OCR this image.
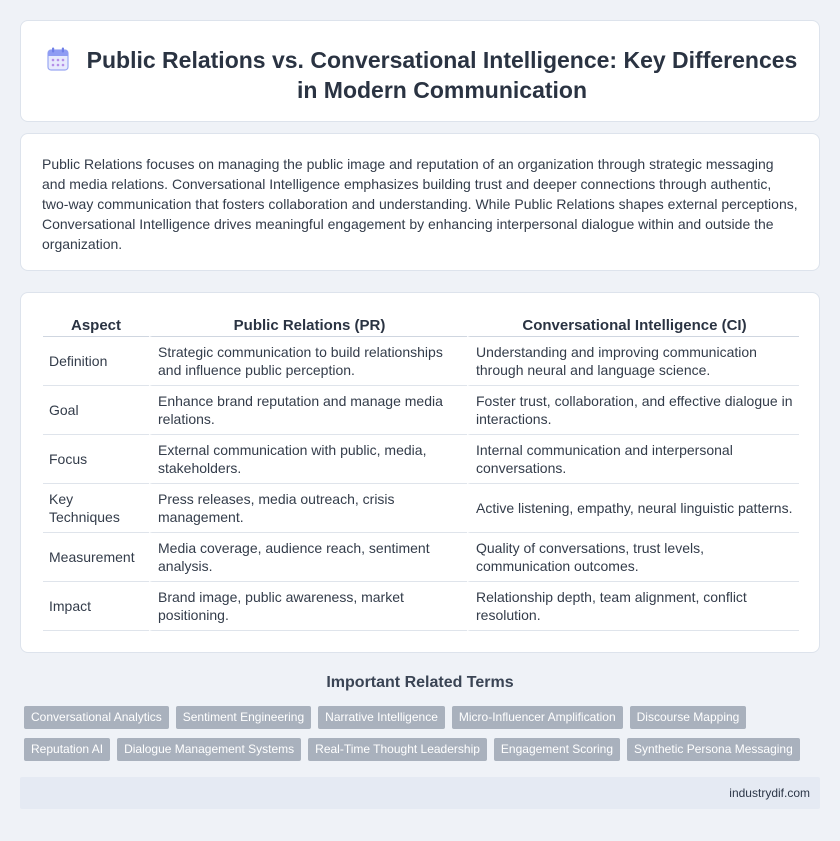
Public Relations vs. Conversational Intelligence: Key Differences in Modern Communication

Public Relations focuses on managing the public image and reputation of an organization through strategic messaging and media relations. Conversational Intelligence emphasizes building trust and deeper connections through authentic, two-way communication that fosters collaboration and understanding. While Public Relations shapes external perceptions, Conversational Intelligence drives meaningful engagement by enhancing interpersonal dialogue within and outside the organization.

Aspect	Public Relations (PR)	Conversational Intelligence (CI)
Definition	Strategic communication to build relationships and influence public perception.	Understanding and improving communication through neural and language science.
Goal	Enhance brand reputation and manage media relations.	Foster trust, collaboration, and effective dialogue in interactions.
Focus	External communication with public, media, stakeholders.	Internal communication and interpersonal conversations.
Key Techniques	Press releases, media outreach, crisis management.	Active listening, empathy, neural linguistic patterns.
Measurement	Media coverage, audience reach, sentiment analysis.	Quality of conversations, trust levels, communication outcomes.
Impact	Brand image, public awareness, market positioning.	Relationship depth, team alignment, conflict resolution.
Important Related Terms
Conversational Analytics	Sentiment Engineering	Narrative Intelligence	Micro-Influencer Amplification	Discourse Mapping
Reputation AI	Dialogue Management Systems	Real-Time Thought Leadership	Engagement Scoring	Synthetic Persona Messaging
industrydif.com
